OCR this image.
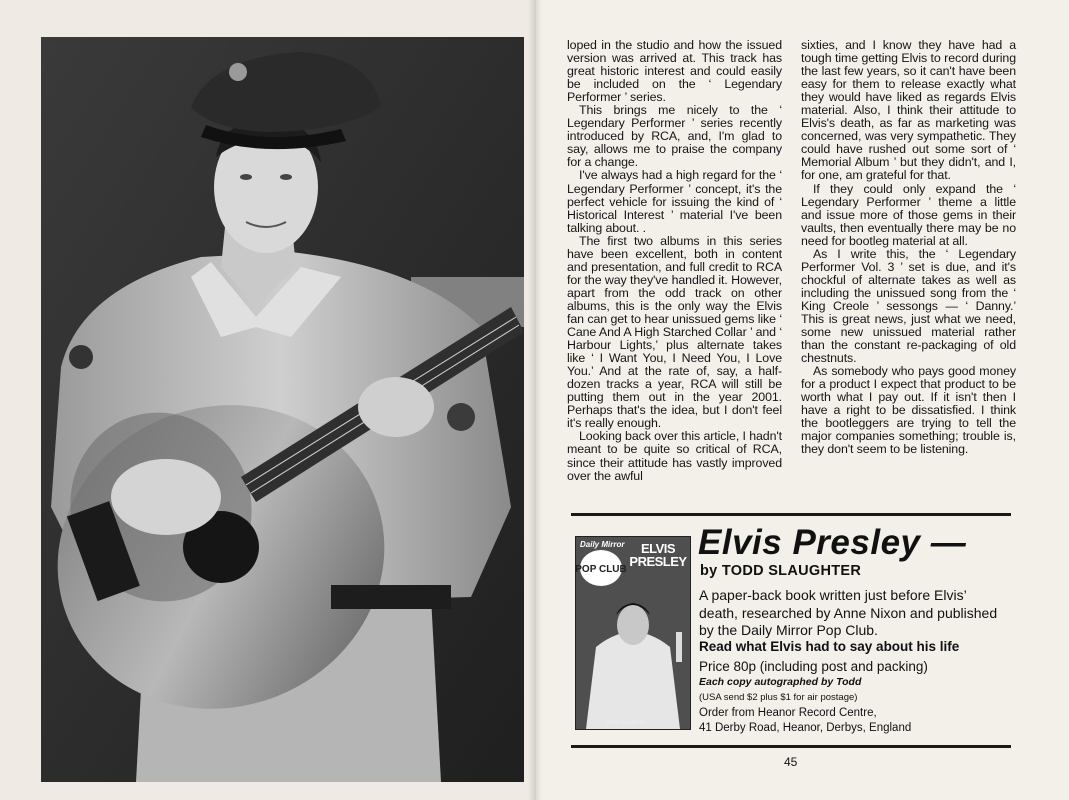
loped in the studio and how the issued version was arrived at. This track has great historic interest and could easily be included on the ‘ Legendary Performer ’ series.

This brings me nicely to the ‘ Legendary Performer ’ series recently introduced by RCA, and, I'm glad to say, allows me to praise the company for a change.

I've always had a high regard for the ‘ Legendary Performer ’ concept, it's the perfect vehicle for issuing the kind of ‘ Historical Interest ’ material I've been talking about. .

The first two albums in this series have been excellent, both in content and presentation, and full credit to RCA for the way they've handled it. However, apart from the odd track on other albums, this is the only way the Elvis fan can get to hear unissued gems like ‘ Cane And A High Starched Collar ’ and ‘ Harbour Lights,’ plus alternate takes like ‘ I Want You, I Need You, I Love You.’ And at the rate of, say, a half-dozen tracks a year, RCA will still be putting them out in the year 2001. Perhaps that's the idea, but I don't feel it's really enough.

Looking back over this article, I hadn't meant to be quite so critical of RCA, since their attitude has vastly improved over the awful

sixties, and I know they have had a tough time getting Elvis to record during the last few years, so it can't have been easy for them to release exactly what they would have liked as regards Elvis material. Also, I think their attitude to Elvis's death, as far as marketing was concerned, was very sympathetic. They could have rushed out some sort of ‘ Memorial Album ’ but they didn't, and I, for one, am grateful for that.

If they could only expand the ‘ Legendary Performer ’ theme a little and issue more of those gems in their vaults, then eventually there may be no need for bootleg material at all.

As I write this, the ‘ Legendary Performer Vol. 3 ’ set is due, and it's chockful of alternate takes as well as including the unissued song from the ‘ King Creole ’ sessongs — ‘ Danny.’ This is great news, just what we need, some new unissued material rather than the constant re-packaging of old chestnuts.

As somebody who pays good money for a product I expect that product to be worth what I pay out. If it isn't then I have a right to be dissatisfied. I think the bootleggers are trying to tell the major companies something; trouble is, they don't seem to be listening.

Daily Mirror
POP CLUB
ELVIS
PRESLEY
Todd Slaughter
Elvis Presley —
by TODD SLAUGHTER
A paper-back book written just before Elvis’ death, researched by Anne Nixon and published by the Daily Mirror Pop Club.
Read what Elvis had to say about his life
Price 80p (including post and packing)
Each copy autographed by Todd
(USA send $2 plus $1 for air postage)
Order from Heanor Record Centre,
41 Derby Road, Heanor, Derbys, England
45
